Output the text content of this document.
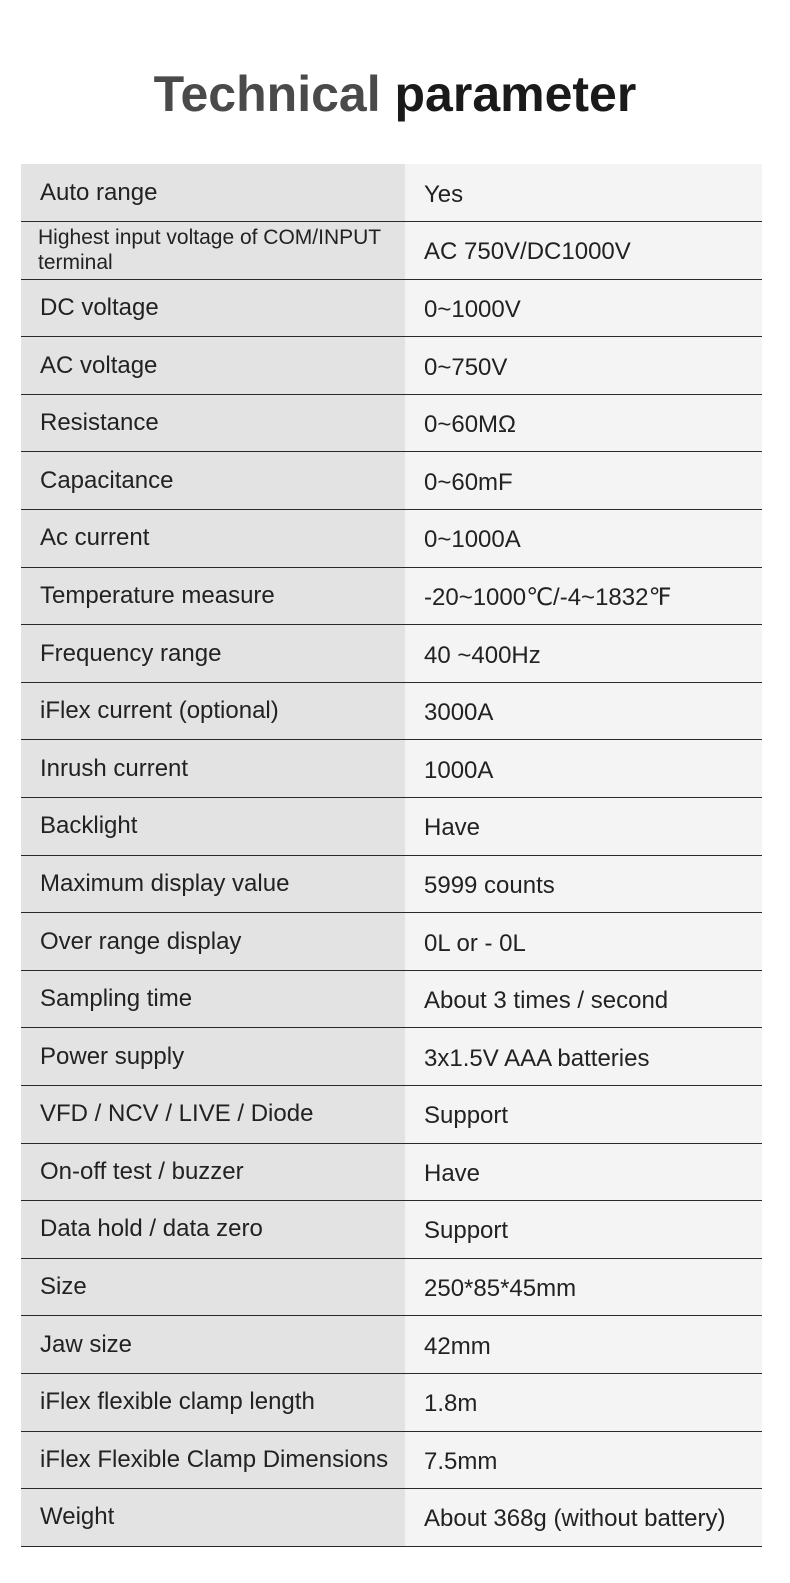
Technical parameter
Auto range	Yes
Highest input voltage of COM/INPUT terminal	AC 750V/DC1000V
DC voltage	0~1000V
AC voltage	0~750V
Resistance	0~60MΩ
Capacitance	0~60mF
Ac current	0~1000A
Temperature measure	-20~1000℃/-4~1832℉
Frequency range	40 ~400Hz
iFlex current (optional)	3000A
Inrush current	1000A
Backlight	Have
Maximum display value	5999 counts
Over range display	0L or - 0L
Sampling time	About 3 times / second
Power supply	3x1.5V AAA batteries
VFD / NCV / LIVE / Diode	Support
On-off test / buzzer	Have
Data hold / data zero	Support
Size	250*85*45mm
Jaw size	42mm
iFlex flexible clamp length	1.8m
iFlex Flexible Clamp Dimensions	7.5mm
Weight	About 368g (without battery)
